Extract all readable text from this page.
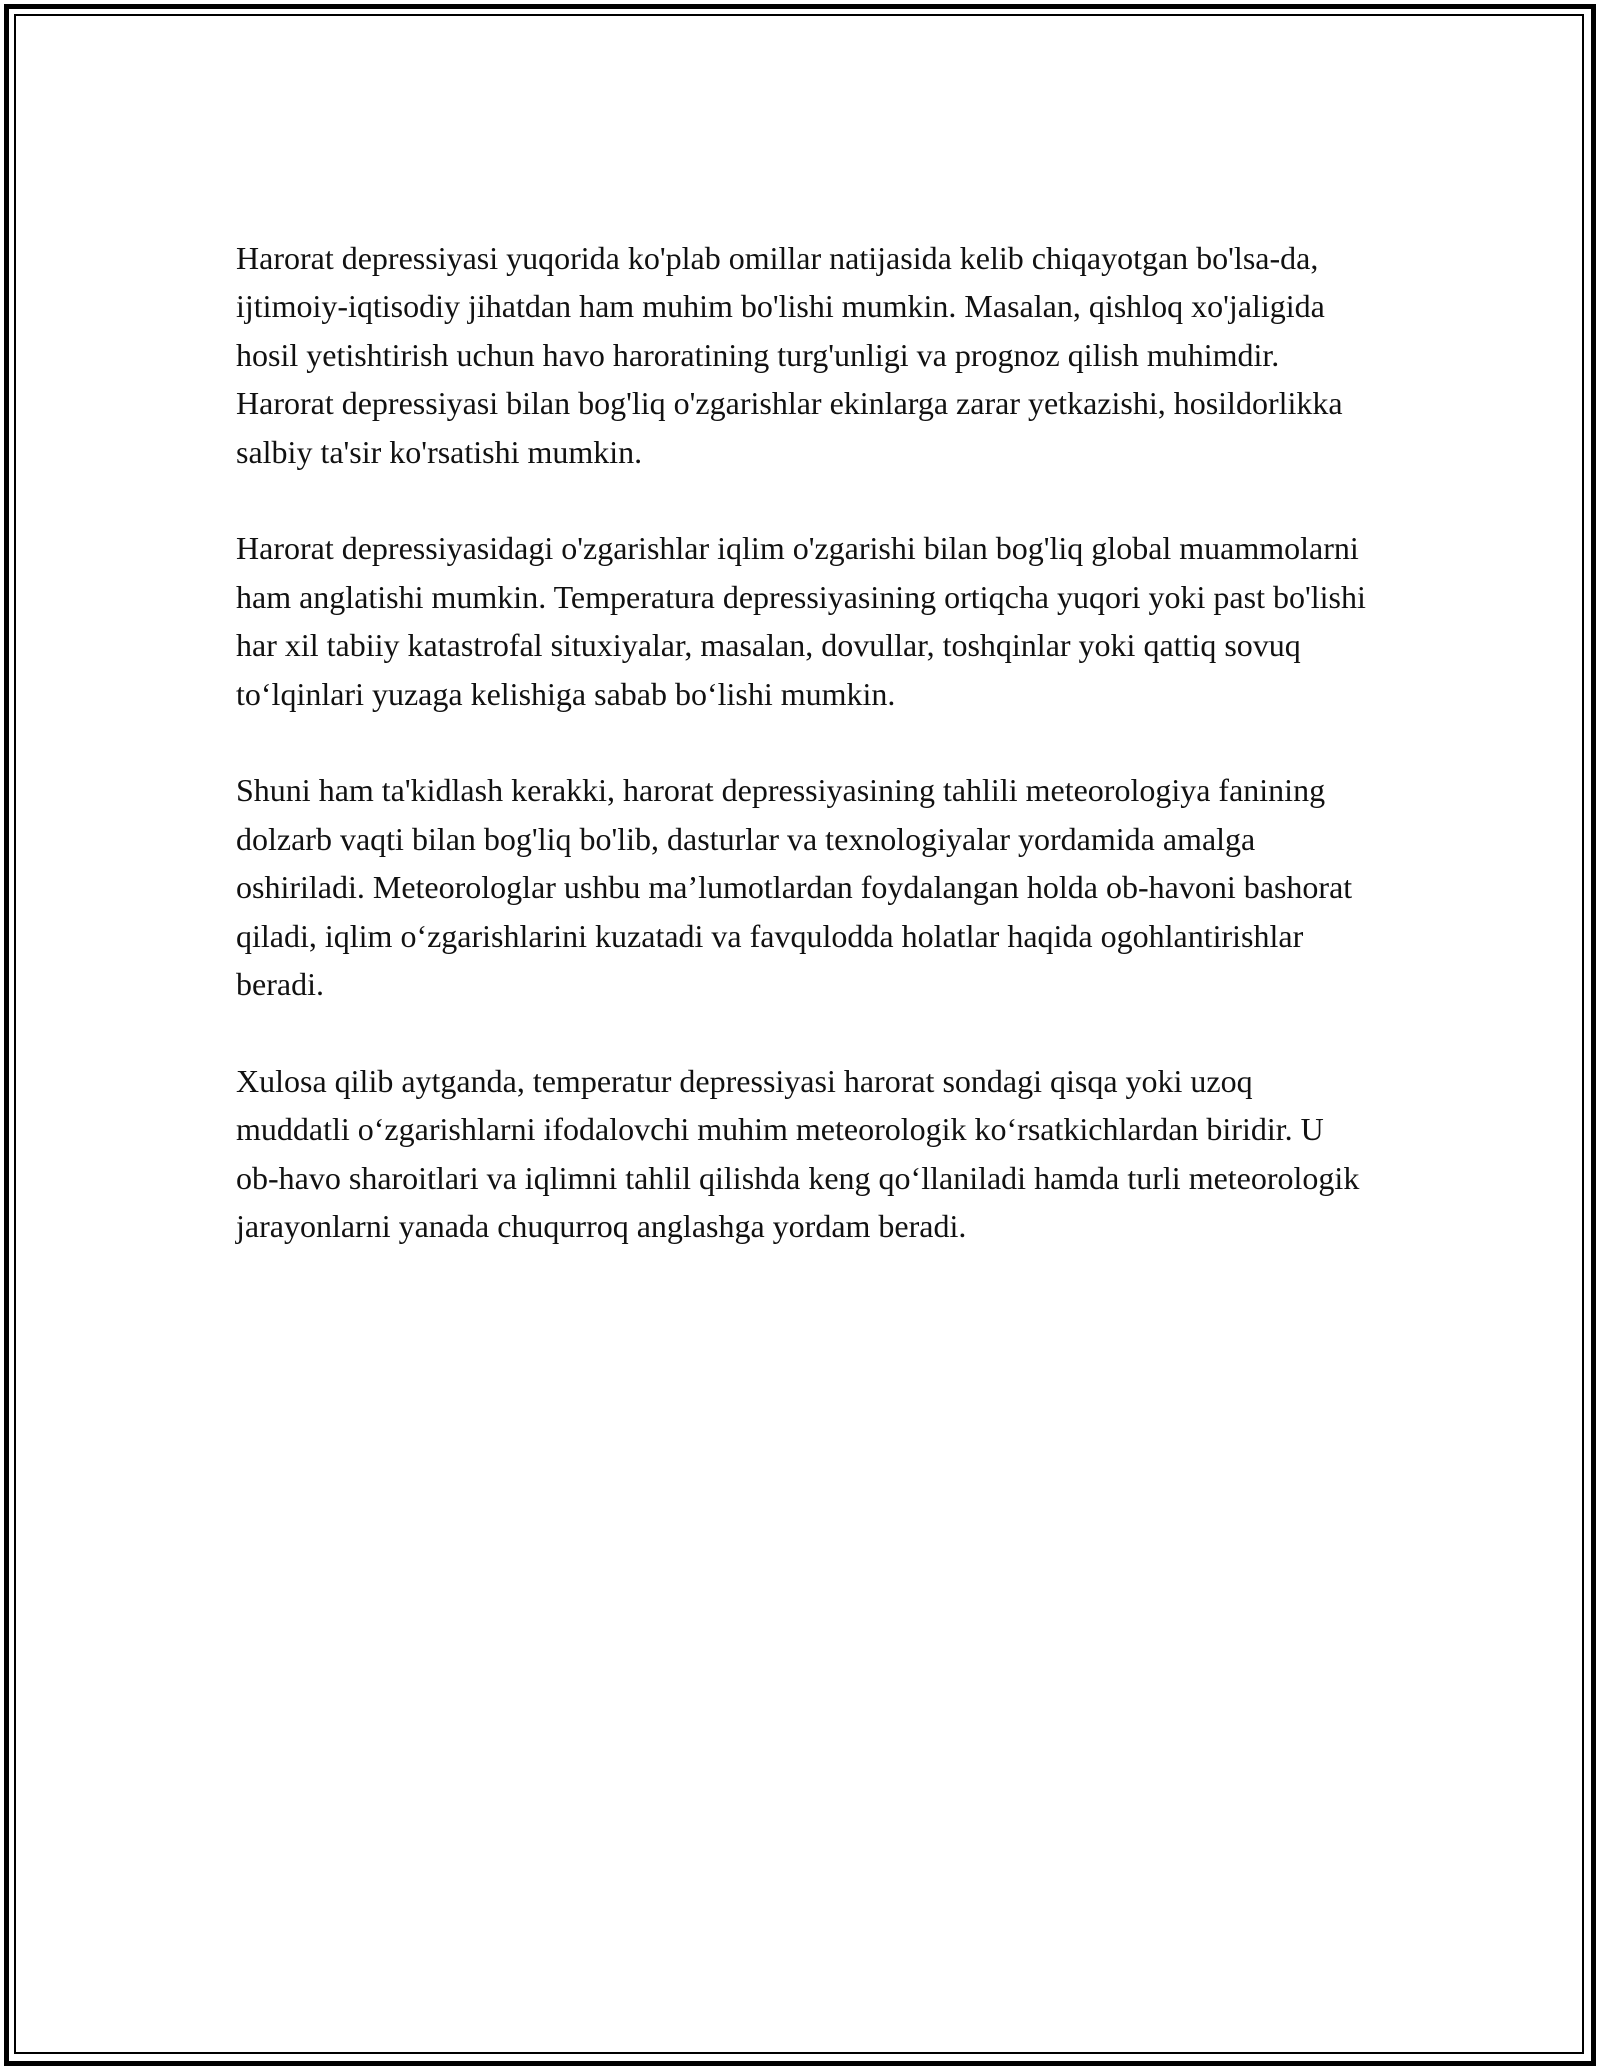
Harorat depressiyasi yuqorida ko'plab omillar natijasida kelib chiqayotgan bo'lsa-da, ijtimoiy-iqtisodiy jihatdan ham muhim bo'lishi mumkin. Masalan, qishloq xo'jaligida hosil yetishtirish uchun havo haroratining turg'unligi va prognoz qilish muhimdir. Harorat depressiyasi bilan bog'liq o'zgarishlar ekinlarga zarar yetkazishi, hosildorlikka salbiy ta'sir ko'rsatishi mumkin.

Harorat depressiyasidagi o'zgarishlar iqlim o'zgarishi bilan bog'liq global muammolarni ham anglatishi mumkin. Temperatura depressiyasining ortiqcha yuqori yoki past bo'lishi har xil tabiiy katastrofal situxiyalar, masalan, dovullar, toshqinlar yoki qattiq sovuq to‘lqinlari yuzaga kelishiga sabab bo‘lishi mumkin.

Shuni ham ta'kidlash kerakki, harorat depressiyasining tahlili meteorologiya fanining dolzarb vaqti bilan bog'liq bo'lib, dasturlar va texnologiyalar yordamida amalga oshiriladi. Meteorologlar ushbu ma’lumotlardan foydalangan holda ob-havoni bashorat qiladi, iqlim o‘zgarishlarini kuzatadi va favqulodda holatlar haqida ogohlantirishlar beradi.

Xulosa qilib aytganda, temperatur depressiyasi harorat sondagi qisqa yoki uzoq muddatli o‘zgarishlarni ifodalovchi muhim meteorologik ko‘rsatkichlardan biridir. U ob-havo sharoitlari va iqlimni tahlil qilishda keng qo‘llaniladi hamda turli meteorologik jarayonlarni yanada chuqurroq anglashga yordam beradi.
